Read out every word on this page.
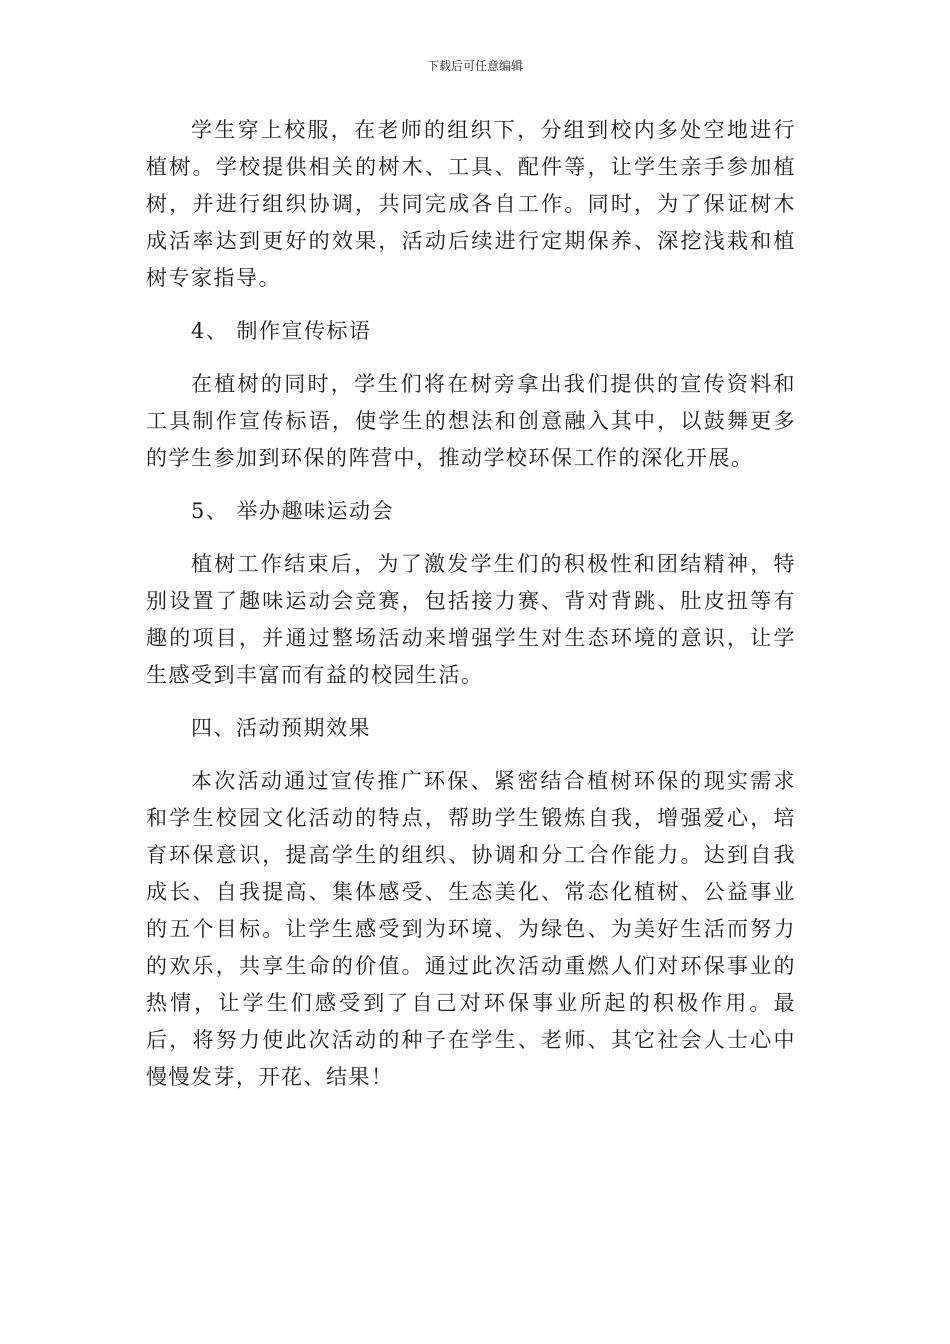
下载后可任意编辑

学生穿上校服，在老师的组织下，分组到校内多处空地进行植树。学校提供相关的树木、工具、配件等，让学生亲手参加植树，并进行组织协调，共同完成各自工作。同时，为了保证树木成活率达到更好的效果，活动后续进行定期保养、深挖浅栽和植树专家指导。

4、 制作宣传标语

在植树的同时，学生们将在树旁拿出我们提供的宣传资料和工具制作宣传标语，使学生的想法和创意融入其中，以鼓舞更多的学生参加到环保的阵营中，推动学校环保工作的深化开展。

5、 举办趣味运动会

植树工作结束后，为了激发学生们的积极性和团结精神，特别设置了趣味运动会竞赛，包括接力赛、背对背跳、肚皮扭等有趣的项目，并通过整场活动来增强学生对生态环境的意识，让学生感受到丰富而有益的校园生活。

四、活动预期效果

本次活动通过宣传推广环保、紧密结合植树环保的现实需求和学生校园文化活动的特点，帮助学生锻炼自我，增强爱心，培育环保意识，提高学生的组织、协调和分工合作能力。达到自我成长、自我提高、集体感受、生态美化、常态化植树、公益事业的五个目标。让学生感受到为环境、为绿色、为美好生活而努力的欢乐，共享生命的价值。通过此次活动重燃人们对环保事业的热情，让学生们感受到了自己对环保事业所起的积极作用。最后，将努力使此次活动的种子在学生、老师、其它社会人士心中慢慢发芽，开花、结果！
